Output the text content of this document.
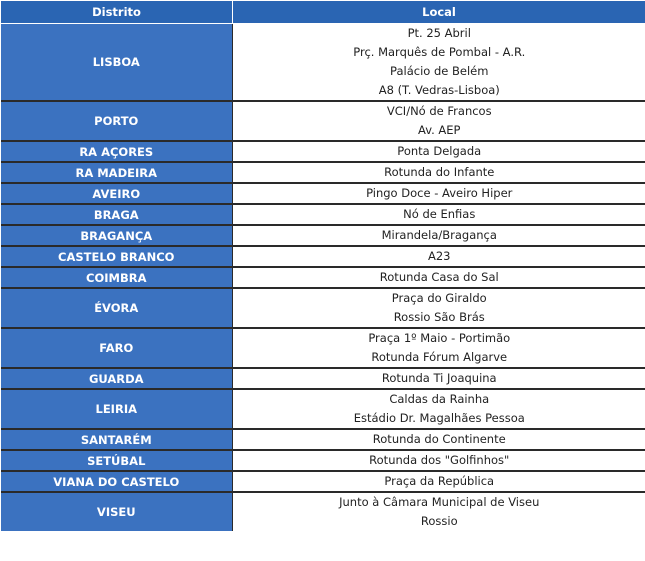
Distrito	Local
LISBOA	Pt. 25 Abril
Prç. Marquês de Pombal - A.R.
Palácio de Belém
A8 (T. Vedras-Lisboa)

PORTO	VCI/Nó de Francos
Av. AEP

RA AÇORES	Ponta Delgada

RA MADEIRA	Rotunda do Infante

AVEIRO	Pingo Doce - Aveiro Hiper

BRAGA	Nó de Enfias

BRAGANÇA	Mirandela/Bragança

CASTELO BRANCO	A23

COIMBRA	Rotunda Casa do Sal

ÉVORA	Praça do Giraldo
Rossio São Brás

FARO	Praça 1º Maio - Portimão
Rotunda Fórum Algarve

GUARDA	Rotunda Ti Joaquina

LEIRIA	Caldas da Rainha
Estádio Dr. Magalhães Pessoa

SANTARÉM	Rotunda do Continente

SETÚBAL	Rotunda dos "Golfinhos"

VIANA DO CASTELO	Praça da República

VISEU	Junto à Câmara Municipal de Viseu
Rossio
